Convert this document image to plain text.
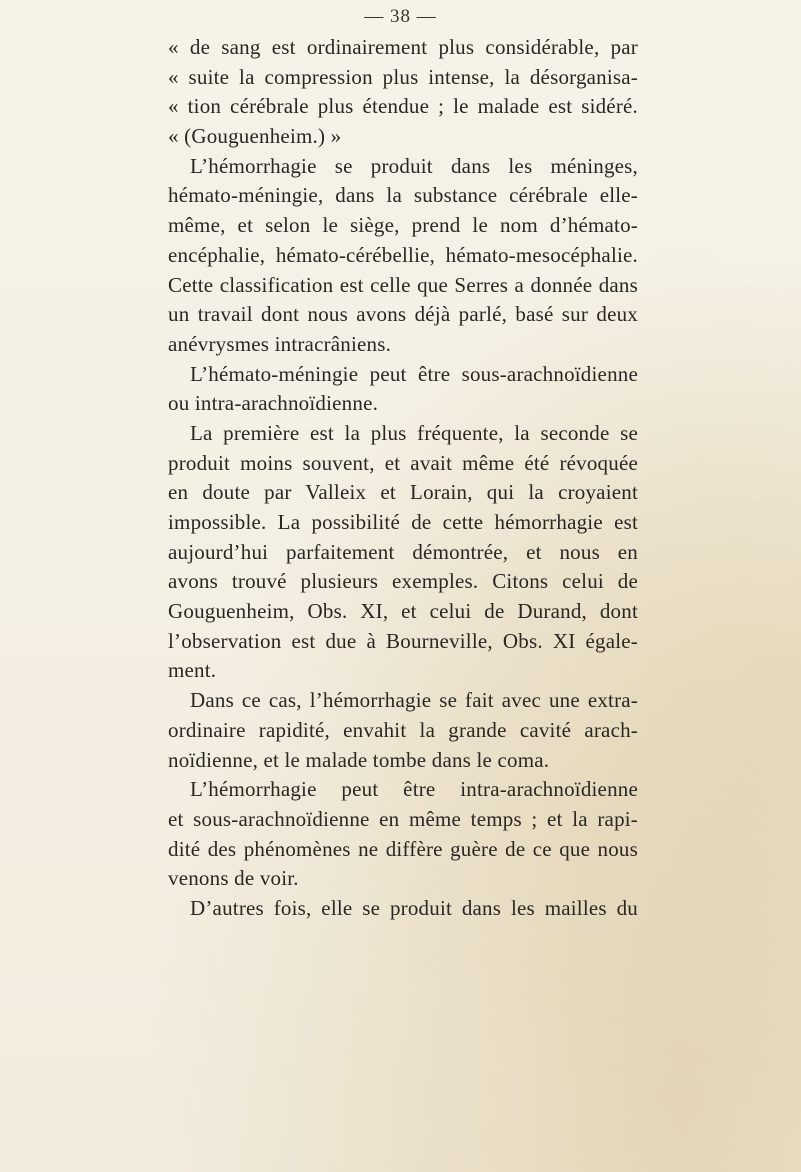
— 38 —
« de sang est ordinairement plus considérable, par
« suite la compression plus intense, la désorganisa-
« tion cérébrale plus étendue ; le malade est sidéré.
« (Gouguenheim.) »
L’hémorrhagie se produit dans les méninges,
hémato-méningie, dans la substance cérébrale elle-
même, et selon le siège, prend le nom d’hémato-
encéphalie, hémato-cérébellie, hémato-mesocéphalie.
Cette classification est celle que Serres a donnée dans
un travail dont nous avons déjà parlé, basé sur deux
anévrysmes intracrâniens.
L’hémato-méningie peut être sous-arachnoïdienne
ou intra-arachnoïdienne.
La première est la plus fréquente, la seconde se
produit moins souvent, et avait même été révoquée
en doute par Valleix et Lorain, qui la croyaient
impossible. La possibilité de cette hémorrhagie est
aujourd’hui parfaitement démontrée, et nous en
avons trouvé plusieurs exemples. Citons celui de
Gouguenheim, Obs. XI, et celui de Durand, dont
l’observation est due à Bourneville, Obs. XI égale-
ment.
Dans ce cas, l’hémorrhagie se fait avec une extra-
ordinaire rapidité, envahit la grande cavité arach-
noïdienne, et le malade tombe dans le coma.
L’hémorrhagie peut être intra-arachnoïdienne
et sous-arachnoïdienne en même temps ; et la rapi-
dité des phénomènes ne diffère guère de ce que nous
venons de voir.
D’autres fois, elle se produit dans les mailles du
